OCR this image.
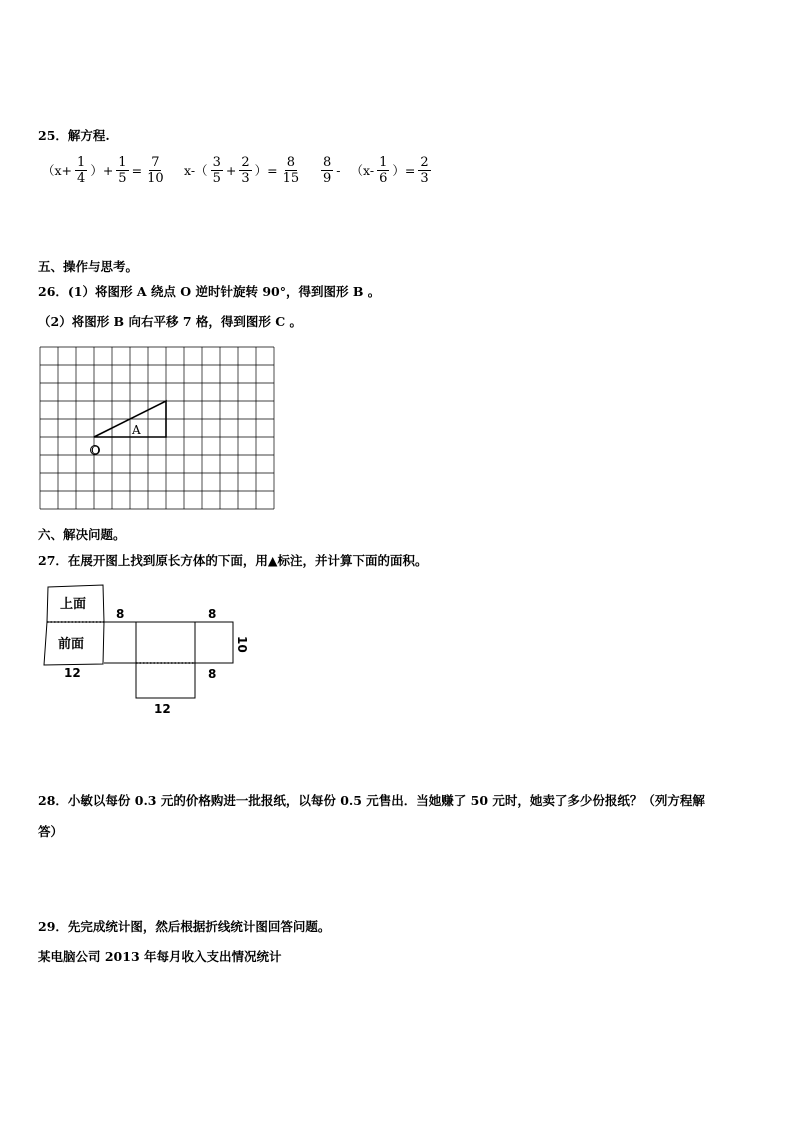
25．解方程.
（$x+ \frac{1}{4}$ ）+ $\frac{1}{5} = \frac{7}{10} x-( \frac{3}{5} + \frac{2}{3}$ ）= $\frac{8}{15} \frac{8}{9} - (x- \frac{1}{6}$ ）= $\frac{2}{3}$
五、操作与思考。
26．(1）将图形 A 绕点 O 逆时针旋转 90°，得到图形 B 。
（2）将图形 B 向右平移 7 格，得到图形 C 。
A
O
六、解决问题。
27．在展开图上找到原长方体的下面，用▲标注，并计算下面的面积。
上面
前面
8	8
10
12	8
12
28．小敏以每份 0.3 元的价格购进一批报纸，以每份 0.5 元售出．当她赚了 50 元时，她卖了多少份报纸？（列方程解
答）
29．先完成统计图，然后根据折线统计图回答问题。
某电脑公司 2013 年每月收入支出情况统计
